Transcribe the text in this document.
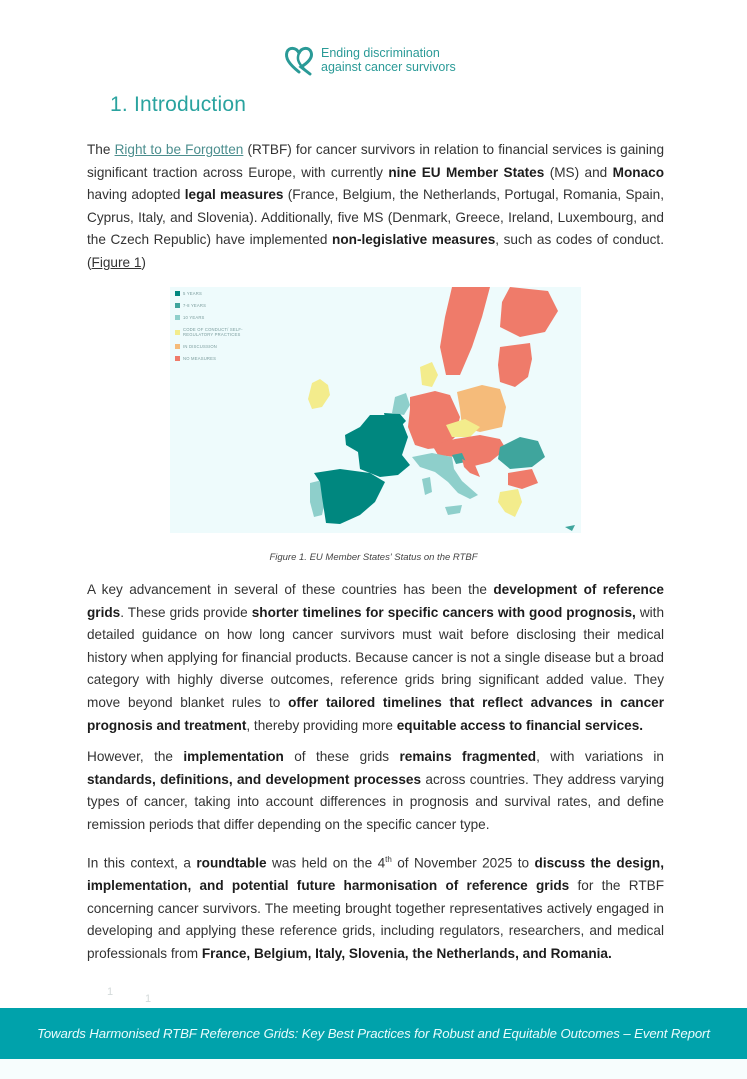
Ending discrimination
against cancer survivors
1. Introduction

The Right to be Forgotten (RTBF) for cancer survivors in relation to financial services is gaining significant traction across Europe, with currently nine EU Member States (MS) and Monaco having adopted legal measures (France, Belgium, the Netherlands, Portugal, Romania, Spain, Cyprus, Italy, and Slovenia). Additionally, five MS (Denmark, Greece, Ireland, Luxembourg, and the Czech Republic) have implemented non-legislative measures, such as codes of conduct. (Figure 1)

5 YEARS
7-8 YEARS
10 YEARS
CODE OF CONDUCT/ SELF-REGULATORY PRACTICES
IN DISCUSSION
NO MEASURES
Figure 1. EU Member States' Status on the RTBF

A key advancement in several of these countries has been the development of reference grids. These grids provide shorter timelines for specific cancers with good prognosis, with detailed guidance on how long cancer survivors must wait before disclosing their medical history when applying for financial products. Because cancer is not a single disease but a broad category with highly diverse outcomes, reference grids bring significant added value. They move beyond blanket rules to offer tailored timelines that reflect advances in cancer prognosis and treatment, thereby providing more equitable access to financial services.

However, the implementation of these grids remains fragmented, with variations in standards, definitions, and development processes across countries. They address varying types of cancer, taking into account differences in prognosis and survival rates, and define remission periods that differ depending on the specific cancer type.

In this context, a roundtable was held on the 4th of November 2025 to discuss the design, implementation, and potential future harmonisation of reference grids for the RTBF concerning cancer survivors. The meeting brought together representatives actively engaged in developing and applying these reference grids, including regulators, researchers, and medical professionals from France, Belgium, Italy, Slovenia, the Netherlands, and Romania.

1
1
Towards Harmonised RTBF Reference Grids: Key Best Practices for Robust and Equitable Outcomes – Event Report
